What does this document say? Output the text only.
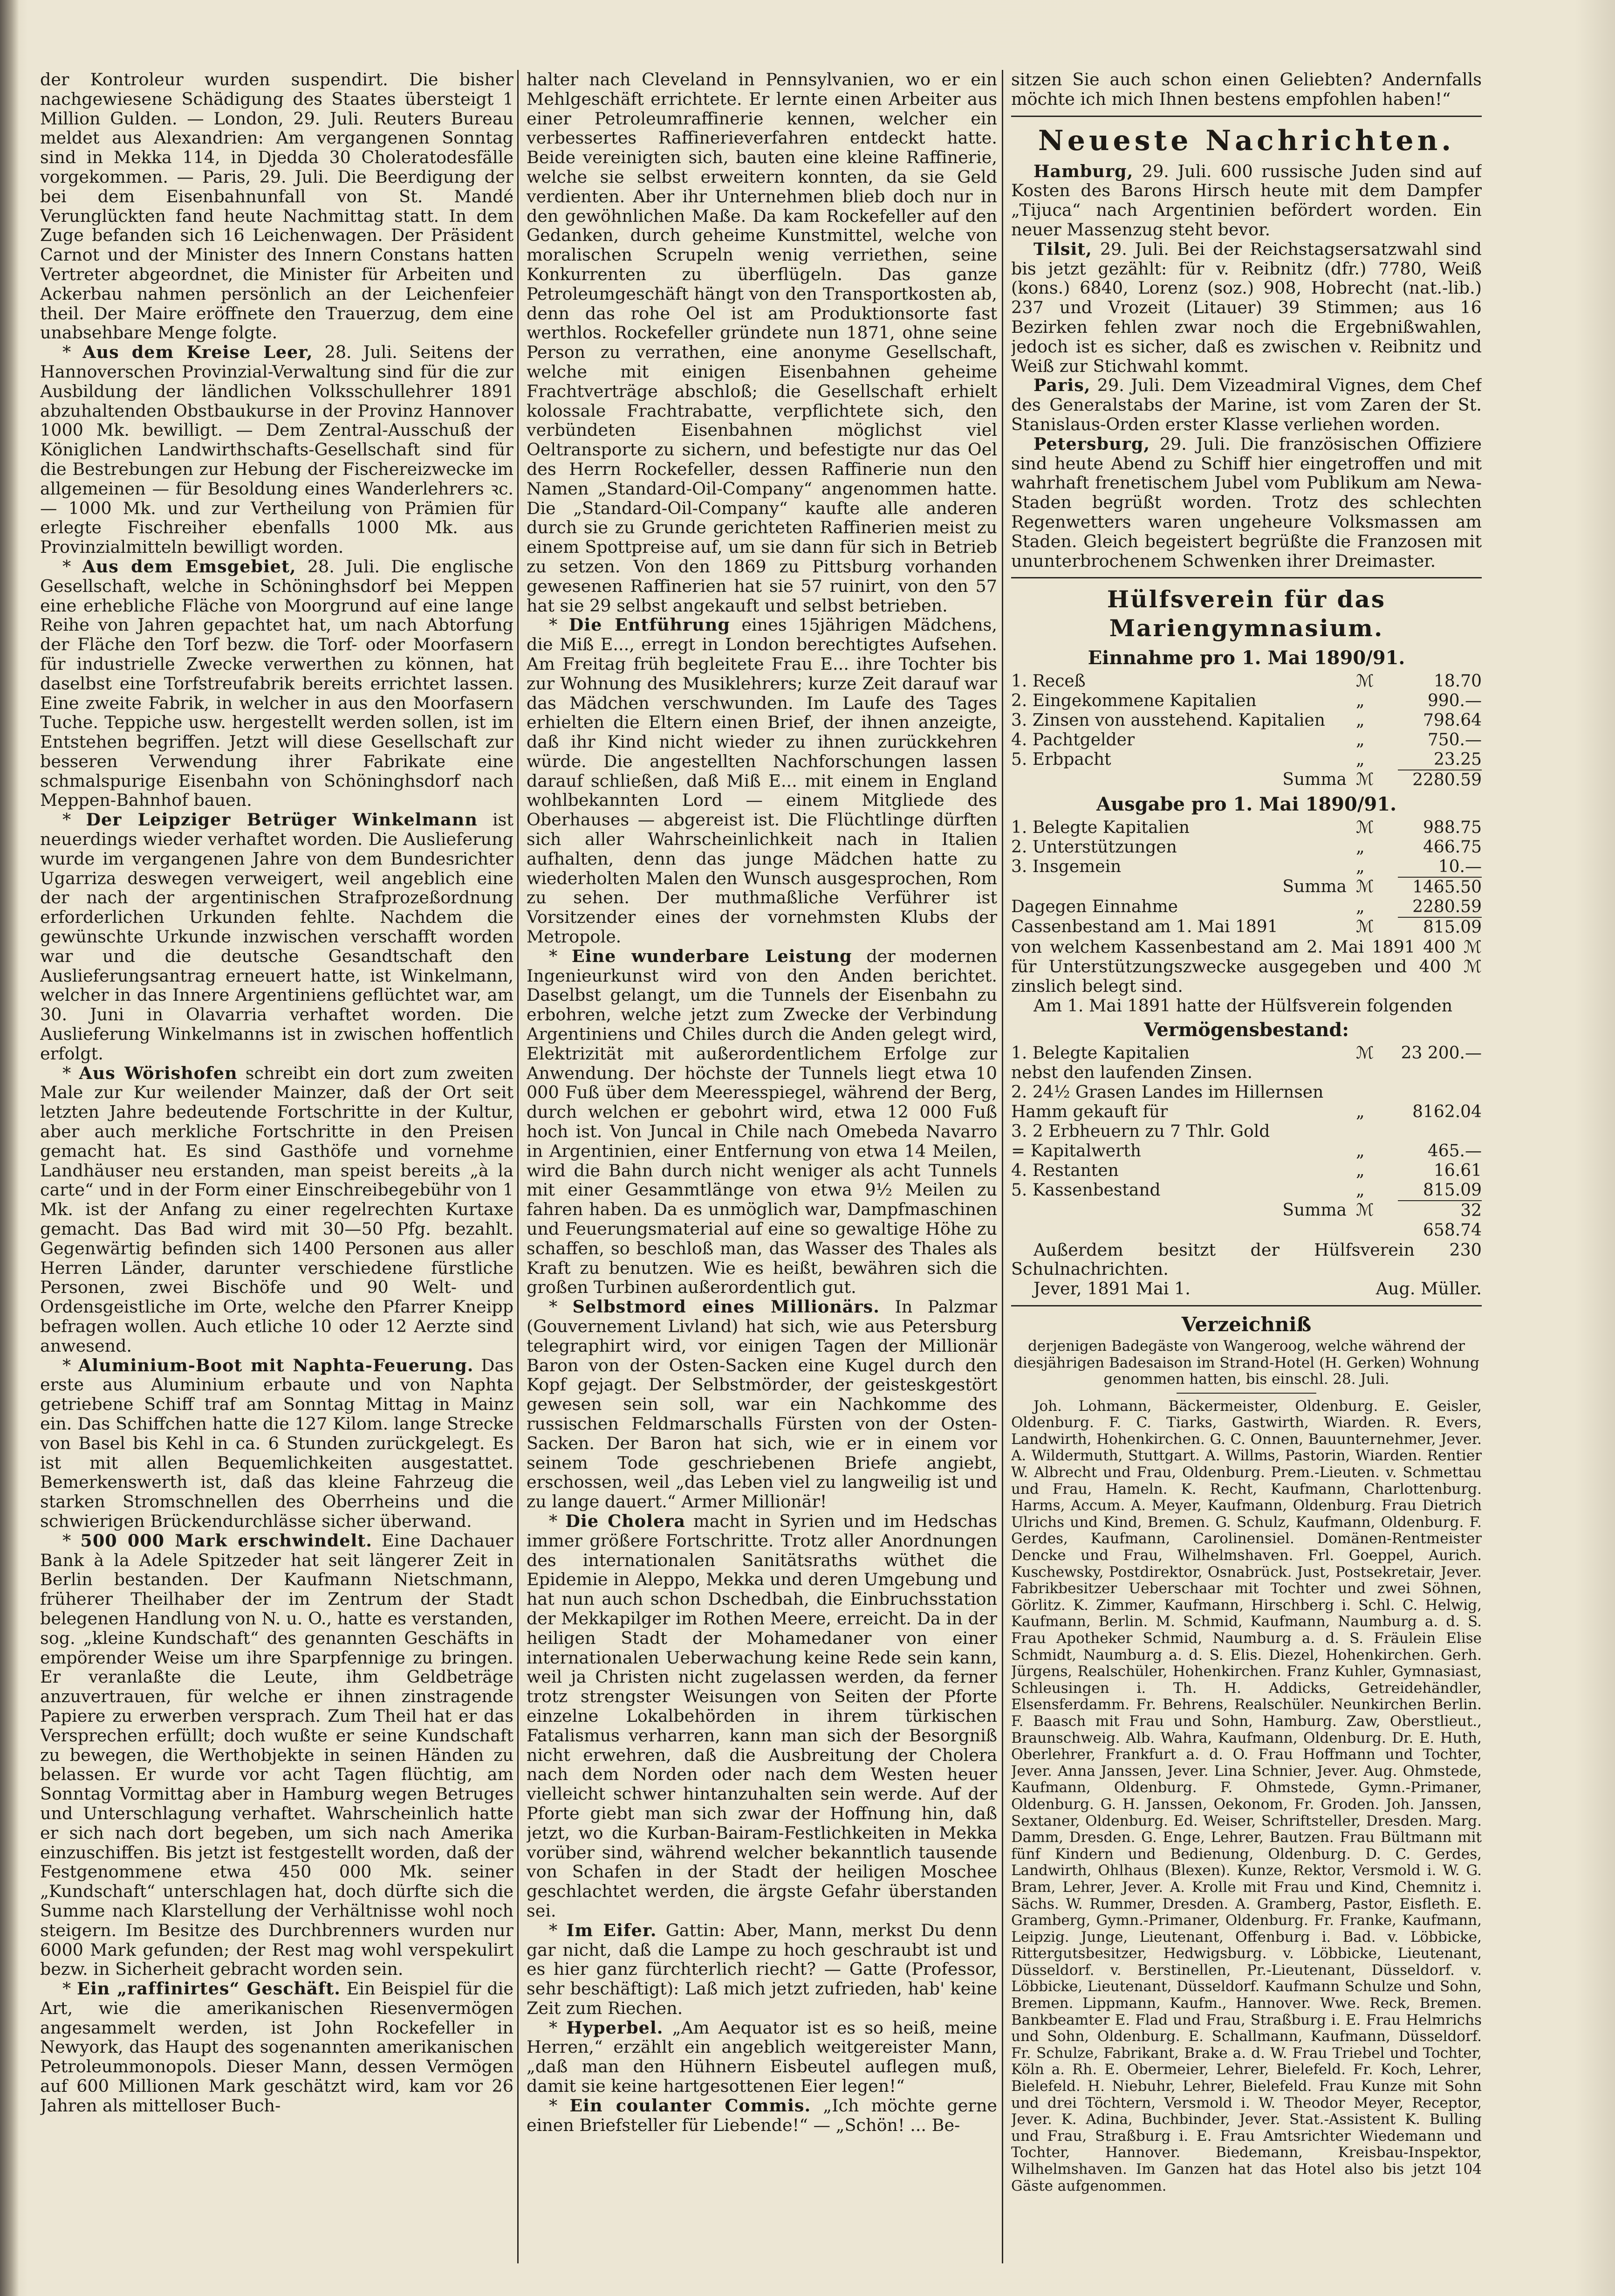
der Kontroleur wurden suspendirt. Die bisher nachgewiesene Schädigung des Staates übersteigt 1 Million Gulden. — London, 29. Juli. Reuters Bureau meldet aus Alexandrien: Am vergangenen Sonntag sind in Mekka 114, in Djedda 30 Choleratodesfälle vorgekommen. — Paris, 29. Juli. Die Beerdigung der bei dem Eisenbahnunfall von St. Mandé Verunglückten fand heute Nachmittag statt. In dem Zuge befanden sich 16 Leichenwagen. Der Präsident Carnot und der Minister des Innern Constans hatten Vertreter abgeordnet, die Minister für Arbeiten und Ackerbau nahmen persönlich an der Leichenfeier theil. Der Maire eröffnete den Trauerzug, dem eine unabsehbare Menge folgte.

* Aus dem Kreise Leer, 28. Juli. Seitens der Hannoverschen Provinzial-Verwaltung sind für die zur Ausbildung der ländlichen Volksschullehrer 1891 abzuhaltenden Obstbaukurse in der Provinz Hannover 1000 Mk. bewilligt. — Dem Zentral-Ausschuß der Königlichen Landwirthschafts-Gesellschaft sind für die Bestrebungen zur Hebung der Fischereizwecke im allgemeinen — für Besoldung eines Wanderlehrers ꝛc. — 1000 Mk. und zur Vertheilung von Prämien für erlegte Fischreiher ebenfalls 1000 Mk. aus Provinzialmitteln bewilligt worden.

* Aus dem Emsgebiet, 28. Juli. Die englische Gesellschaft, welche in Schöninghsdorf bei Meppen eine erhebliche Fläche von Moorgrund auf eine lange Reihe von Jahren gepachtet hat, um nach Abtorfung der Fläche den Torf bezw. die Torf- oder Moorfasern für industrielle Zwecke verwerthen zu können, hat daselbst eine Torfstreufabrik bereits errichtet lassen. Eine zweite Fabrik, in welcher in aus den Moorfasern Tuche. Teppiche usw. hergestellt werden sollen, ist im Entstehen begriffen. Jetzt will diese Gesellschaft zur besseren Verwendung ihrer Fabrikate eine schmalspurige Eisenbahn von Schöninghsdorf nach Meppen-Bahnhof bauen.

* Der Leipziger Betrüger Winkelmann ist neuerdings wieder verhaftet worden. Die Auslieferung wurde im vergangenen Jahre von dem Bundesrichter Ugarriza deswegen verweigert, weil angeblich eine der nach der argentinischen Strafprozeßordnung erforderlichen Urkunden fehlte. Nachdem die gewünschte Urkunde inzwischen verschafft worden war und die deutsche Gesandtschaft den Auslieferungsantrag erneuert hatte, ist Winkelmann, welcher in das Innere Argentiniens geflüchtet war, am 30. Juni in Olavarria verhaftet worden. Die Auslieferung Winkelmanns ist in zwischen hoffentlich erfolgt.

* Aus Wörishofen schreibt ein dort zum zweiten Male zur Kur weilender Mainzer, daß der Ort seit letzten Jahre bedeutende Fortschritte in der Kultur, aber auch merkliche Fortschritte in den Preisen gemacht hat. Es sind Gasthöfe und vornehme Landhäuser neu erstanden, man speist bereits „à la carte“ und in der Form einer Einschreibegebühr von 1 Mk. ist der Anfang zu einer regelrechten Kurtaxe gemacht. Das Bad wird mit 30—50 Pfg. bezahlt. Gegenwärtig befinden sich 1400 Personen aus aller Herren Länder, darunter verschiedene fürstliche Personen, zwei Bischöfe und 90 Welt- und Ordensgeistliche im Orte, welche den Pfarrer Kneipp befragen wollen. Auch etliche 10 oder 12 Aerzte sind anwesend.

* Aluminium-Boot mit Naphta-Feuerung. Das erste aus Aluminium erbaute und von Naphta getriebene Schiff traf am Sonntag Mittag in Mainz ein. Das Schiffchen hatte die 127 Kilom. lange Strecke von Basel bis Kehl in ca. 6 Stunden zurückgelegt. Es ist mit allen Bequemlichkeiten ausgestattet. Bemerkenswerth ist, daß das kleine Fahrzeug die starken Stromschnellen des Oberrheins und die schwierigen Brückendurchlässe sicher überwand.

* 500 000 Mark erschwindelt. Eine Dachauer Bank à la Adele Spitzeder hat seit längerer Zeit in Berlin bestanden. Der Kaufmann Nietschmann, früherer Theilhaber der im Zentrum der Stadt belegenen Handlung von N. u. O., hatte es verstanden, sog. „kleine Kundschaft“ des genannten Geschäfts in empörender Weise um ihre Sparpfennige zu bringen. Er veranlaßte die Leute, ihm Geldbeträge anzuvertrauen, für welche er ihnen zinstragende Papiere zu erwerben versprach. Zum Theil hat er das Versprechen erfüllt; doch wußte er seine Kundschaft zu bewegen, die Werthobjekte in seinen Händen zu belassen. Er wurde vor acht Tagen flüchtig, am Sonntag Vormittag aber in Hamburg wegen Betruges und Unterschlagung verhaftet. Wahrscheinlich hatte er sich nach dort begeben, um sich nach Amerika einzuschiffen. Bis jetzt ist festgestellt worden, daß der Festgenommene etwa 450 000 Mk. seiner „Kundschaft“ unterschlagen hat, doch dürfte sich die Summe nach Klarstellung der Verhältnisse wohl noch steigern. Im Besitze des Durchbrenners wurden nur 6000 Mark gefunden; der Rest mag wohl verspekulirt bezw. in Sicherheit gebracht worden sein.

* Ein „raffinirtes“ Geschäft. Ein Beispiel für die Art, wie die amerikanischen Riesenvermögen angesammelt werden, ist John Rockefeller in Newyork, das Haupt des sogenannten amerikanischen Petroleummonopols. Dieser Mann, dessen Vermögen auf 600 Millionen Mark geschätzt wird, kam vor 26 Jahren als mittelloser Buch-

halter nach Cleveland in Pennsylvanien, wo er ein Mehlgeschäft errichtete. Er lernte einen Arbeiter aus einer Petroleumraffinerie kennen, welcher ein verbessertes Raffinerieverfahren entdeckt hatte. Beide vereinigten sich, bauten eine kleine Raffinerie, welche sie selbst erweitern konnten, da sie Geld verdienten. Aber ihr Unternehmen blieb doch nur in den gewöhnlichen Maße. Da kam Rockefeller auf den Gedanken, durch geheime Kunstmittel, welche von moralischen Scrupeln wenig verriethen, seine Konkurrenten zu überflügeln. Das ganze Petroleumgeschäft hängt von den Transportkosten ab, denn das rohe Oel ist am Produktionsorte fast werthlos. Rockefeller gründete nun 1871, ohne seine Person zu verrathen, eine anonyme Gesellschaft, welche mit einigen Eisenbahnen geheime Frachtverträge abschloß; die Gesellschaft erhielt kolossale Frachtrabatte, verpflichtete sich, den verbündeten Eisenbahnen möglichst viel Oeltransporte zu sichern, und befestigte nur das Oel des Herrn Rockefeller, dessen Raffinerie nun den Namen „Standard-Oil-Company“ angenommen hatte. Die „Standard-Oil-Company“ kaufte alle anderen durch sie zu Grunde gerichteten Raffinerien meist zu einem Spottpreise auf, um sie dann für sich in Betrieb zu setzen. Von den 1869 zu Pittsburg vorhanden gewesenen Raffinerien hat sie 57 ruinirt, von den 57 hat sie 29 selbst angekauft und selbst betrieben.

* Die Entführung eines 15jährigen Mädchens, die Miß E..., erregt in London berechtigtes Aufsehen. Am Freitag früh begleitete Frau E... ihre Tochter bis zur Wohnung des Musiklehrers; kurze Zeit darauf war das Mädchen verschwunden. Im Laufe des Tages erhielten die Eltern einen Brief, der ihnen anzeigte, daß ihr Kind nicht wieder zu ihnen zurückkehren würde. Die angestellten Nachforschungen lassen darauf schließen, daß Miß E... mit einem in England wohlbekannten Lord — einem Mitgliede des Oberhauses — abgereist ist. Die Flüchtlinge dürften sich aller Wahrscheinlichkeit nach in Italien aufhalten, denn das junge Mädchen hatte zu wiederholten Malen den Wunsch ausgesprochen, Rom zu sehen. Der muthmaßliche Verführer ist Vorsitzender eines der vornehmsten Klubs der Metropole.

* Eine wunderbare Leistung der modernen Ingenieurkunst wird von den Anden berichtet. Daselbst gelangt, um die Tunnels der Eisenbahn zu erbohren, welche jetzt zum Zwecke der Verbindung Argentiniens und Chiles durch die Anden gelegt wird, Elektrizität mit außerordentlichem Erfolge zur Anwendung. Der höchste der Tunnels liegt etwa 10 000 Fuß über dem Meeresspiegel, während der Berg, durch welchen er gebohrt wird, etwa 12 000 Fuß hoch ist. Von Juncal in Chile nach Omebeda Navarro in Argentinien, einer Entfernung von etwa 14 Meilen, wird die Bahn durch nicht weniger als acht Tunnels mit einer Gesammtlänge von etwa 9½ Meilen zu fahren haben. Da es unmöglich war, Dampfmaschinen und Feuerungsmaterial auf eine so gewaltige Höhe zu schaffen, so beschloß man, das Wasser des Thales als Kraft zu benutzen. Wie es heißt, bewähren sich die großen Turbinen außerordentlich gut.

* Selbstmord eines Millionärs. In Palzmar (Gouvernement Livland) hat sich, wie aus Petersburg telegraphirt wird, vor einigen Tagen der Millionär Baron von der Osten-Sacken eine Kugel durch den Kopf gejagt. Der Selbstmörder, der geisteskgestört gewesen sein soll, war ein Nachkomme des russischen Feldmarschalls Fürsten von der Osten-Sacken. Der Baron hat sich, wie er in einem vor seinem Tode geschriebenen Briefe angiebt, erschossen, weil „das Leben viel zu langweilig ist und zu lange dauert.“ Armer Millionär!

* Die Cholera macht in Syrien und im Hedschas immer größere Fortschritte. Trotz aller Anordnungen des internationalen Sanitätsraths wüthet die Epidemie in Aleppo, Mekka und deren Umgebung und hat nun auch schon Dschedbah, die Einbruchsstation der Mekkapilger im Rothen Meere, erreicht. Da in der heiligen Stadt der Mohamedaner von einer internationalen Ueberwachung keine Rede sein kann, weil ja Christen nicht zugelassen werden, da ferner trotz strengster Weisungen von Seiten der Pforte einzelne Lokalbehörden in ihrem türkischen Fatalismus verharren, kann man sich der Besorgniß nicht erwehren, daß die Ausbreitung der Cholera nach dem Norden oder nach dem Westen heuer vielleicht schwer hintanzuhalten sein werde. Auf der Pforte giebt man sich zwar der Hoffnung hin, daß jetzt, wo die Kurban-Bairam-Festlichkeiten in Mekka vorüber sind, während welcher bekanntlich tausende von Schafen in der Stadt der heiligen Moschee geschlachtet werden, die ärgste Gefahr überstanden sei.

* Im Eifer. Gattin: Aber, Mann, merkst Du denn gar nicht, daß die Lampe zu hoch geschraubt ist und es hier ganz fürchterlich riecht? — Gatte (Professor, sehr beschäftigt): Laß mich jetzt zufrieden, hab' keine Zeit zum Riechen.

* Hyperbel. „Am Aequator ist es so heiß, meine Herren,“ erzählt ein angeblich weitgereister Mann, „daß man den Hühnern Eisbeutel auflegen muß, damit sie keine hartgesottenen Eier legen!“

* Ein coulanter Commis. „Ich möchte gerne einen Briefsteller für Liebende!“ — „Schön! ... Be-

sitzen Sie auch schon einen Geliebten? Andernfalls möchte ich mich Ihnen bestens empfohlen haben!“

Neueste Nachrichten.

Hamburg, 29. Juli. 600 russische Juden sind auf Kosten des Barons Hirsch heute mit dem Dampfer „Tijuca“ nach Argentinien befördert worden. Ein neuer Massenzug steht bevor.

Tilsit, 29. Juli. Bei der Reichstagsersatzwahl sind bis jetzt gezählt: für v. Reibnitz (dfr.) 7780, Weiß (kons.) 6840, Lorenz (soz.) 908, Hobrecht (nat.-lib.) 237 und Vrozeit (Litauer) 39 Stimmen; aus 16 Bezirken fehlen zwar noch die Ergebnißwahlen, jedoch ist es sicher, daß es zwischen v. Reibnitz und Weiß zur Stichwahl kommt.

Paris, 29. Juli. Dem Vizeadmiral Vignes, dem Chef des Generalstabs der Marine, ist vom Zaren der St. Stanislaus-Orden erster Klasse verliehen worden.

Petersburg, 29. Juli. Die französischen Offiziere sind heute Abend zu Schiff hier eingetroffen und mit wahrhaft frenetischem Jubel vom Publikum am Newa-Staden begrüßt worden. Trotz des schlechten Regenwetters waren ungeheure Volksmassen am Staden. Gleich begeistert begrüßte die Franzosen mit ununterbrochenem Schwenken ihrer Dreimaster.

Hülfsverein für das Mariengymnasium.
Einnahme pro 1. Mai 1890/91.
1. Receß	ℳ	18.70
2. Eingekommene Kapitalien	„	990.—
3. Zinsen von ausstehend. Kapitalien	„	798.64
4. Pachtgelder	„	750.—
5. Erbpacht	„	23.25
Summa	ℳ	2280.59
Ausgabe pro 1. Mai 1890/91.
1. Belegte Kapitalien	ℳ	988.75
2. Unterstützungen	„	466.75
3. Insgemein	„	10.—
Summa	ℳ	1465.50
Dagegen Einnahme	„	2280.59
Cassenbestand am 1. Mai 1891	ℳ	815.09

von welchem Kassenbestand am 2. Mai 1891 400 ℳ für Unterstützungszwecke ausgegeben und 400 ℳ zinslich belegt sind.

Am 1. Mai 1891 hatte der Hülfsverein folgenden

Vermögensbestand:
1. Belegte Kapitalien	ℳ	23 200.—
nebst den laufenden Zinsen.		
2. 24½ Grasen Landes im Hillernsen		
Hamm gekauft für	„	8162.04
3. 2 Erbheuern zu 7 Thlr. Gold		
= Kapitalwerth	„	465.—
4. Restanten	„	16.61
5. Kassenbestand	„	815.09
Summa	ℳ	32 658.74

Außerdem besitzt der Hülfsverein 230 Schulnachrichten.

Jever, 1891 Mai 1.	Aug. Müller.
Verzeichniß

derjenigen Badegäste von Wangeroog, welche während der diesjährigen Badesaison im Strand-Hotel (H. Gerken) Wohnung genommen hatten, bis einschl. 28. Juli.

Joh. Lohmann, Bäckermeister, Oldenburg. E. Geisler, Oldenburg. F. C. Tiarks, Gastwirth, Wiarden. R. Evers, Landwirth, Hohenkirchen. G. C. Onnen, Bauunternehmer, Jever. A. Wildermuth, Stuttgart. A. Willms, Pastorin, Wiarden. Rentier W. Albrecht und Frau, Oldenburg. Prem.-Lieuten. v. Schmettau und Frau, Hameln. K. Recht, Kaufmann, Charlottenburg. Harms, Accum. A. Meyer, Kaufmann, Oldenburg. Frau Dietrich Ulrichs und Kind, Bremen. G. Schulz, Kaufmann, Oldenburg. F. Gerdes, Kaufmann, Carolinensiel. Domänen-Rentmeister Dencke und Frau, Wilhelmshaven. Frl. Goeppel, Aurich. Kuschewsky, Postdirektor, Osnabrück. Just, Postsekretair, Jever. Fabrikbesitzer Ueberschaar mit Tochter und zwei Söhnen, Görlitz. K. Zimmer, Kaufmann, Hirschberg i. Schl. C. Helwig, Kaufmann, Berlin. M. Schmid, Kaufmann, Naumburg a. d. S. Frau Apotheker Schmid, Naumburg a. d. S. Fräulein Elise Schmidt, Naumburg a. d. S. Elis. Diezel, Hohenkirchen. Gerh. Jürgens, Realschüler, Hohenkirchen. Franz Kuhler, Gymnasiast, Schleusingen i. Th. H. Addicks, Getreidehändler, Elsensferdamm. Fr. Behrens, Realschüler. Neunkirchen Berlin. F. Baasch mit Frau und Sohn, Hamburg. Zaw, Oberstlieut., Braunschweig. Alb. Wahra, Kaufmann, Oldenburg. Dr. E. Huth, Oberlehrer, Frankfurt a. d. O. Frau Hoffmann und Tochter, Jever. Anna Janssen, Jever. Lina Schnier, Jever. Aug. Ohmstede, Kaufmann, Oldenburg. F. Ohmstede, Gymn.-Primaner, Oldenburg. G. H. Janssen, Oekonom, Fr. Groden. Joh. Janssen, Sextaner, Oldenburg. Ed. Weiser, Schriftsteller, Dresden. Marg. Damm, Dresden. G. Enge, Lehrer, Bautzen. Frau Bültmann mit fünf Kindern und Bedienung, Oldenburg. D. C. Gerdes, Landwirth, Ohlhaus (Blexen). Kunze, Rektor, Versmold i. W. G. Bram, Lehrer, Jever. A. Krolle mit Frau und Kind, Chemnitz i. Sächs. W. Rummer, Dresden. A. Gramberg, Pastor, Eisfleth. E. Gramberg, Gymn.-Primaner, Oldenburg. Fr. Franke, Kaufmann, Leipzig. Junge, Lieutenant, Offenburg i. Bad. v. Löbbicke, Rittergutsbesitzer, Hedwigsburg. v. Löbbicke, Lieutenant, Düsseldorf. v. Berstinellen, Pr.-Lieutenant, Düsseldorf. v. Löbbicke, Lieutenant, Düsseldorf. Kaufmann Schulze und Sohn, Bremen. Lippmann, Kaufm., Hannover. Wwe. Reck, Bremen. Bankbeamter E. Flad und Frau, Straßburg i. E. Frau Helmrichs und Sohn, Oldenburg. E. Schallmann, Kaufmann, Düsseldorf. Fr. Schulze, Fabrikant, Brake a. d. W. Frau Triebel und Tochter, Köln a. Rh. E. Obermeier, Lehrer, Bielefeld. Fr. Koch, Lehrer, Bielefeld. H. Niebuhr, Lehrer, Bielefeld. Frau Kunze mit Sohn und drei Töchtern, Versmold i. W. Theodor Meyer, Receptor, Jever. K. Adina, Buchbinder, Jever. Stat.-Assistent K. Bulling und Frau, Straßburg i. E. Frau Amtsrichter Wiedemann und Tochter, Hannover. Biedemann, Kreisbau-Inspektor, Wilhelmshaven. Im Ganzen hat das Hotel also bis jetzt 104 Gäste aufgenommen.
